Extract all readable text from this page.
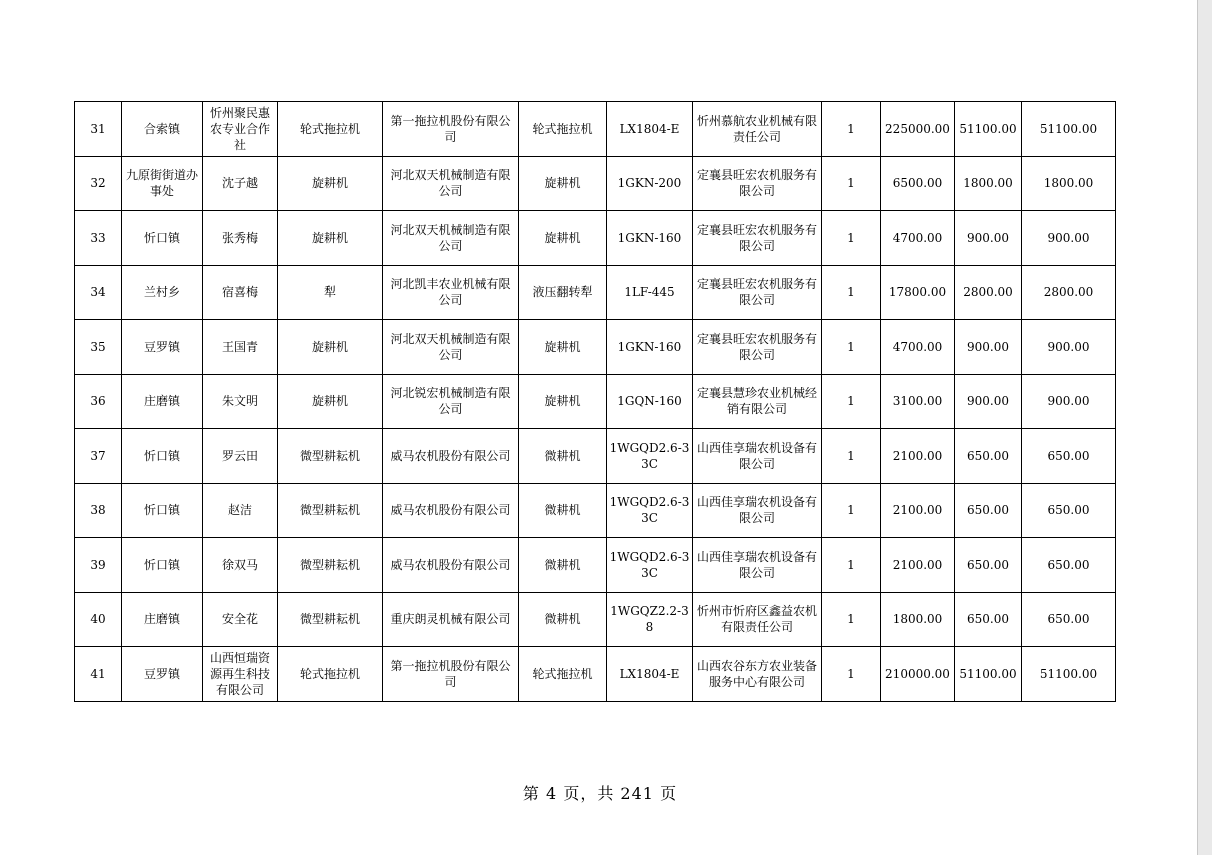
31	合索镇	忻州聚民惠农专业合作社	轮式拖拉机	第一拖拉机股份有限公司	轮式拖拉机	LX1804-E	忻州慕航农业机械有限责任公司	1	225000.00	51100.00	51100.00
32	九原街街道办事处	沈子越	旋耕机	河北双天机械制造有限公司	旋耕机	1GKN-200	定襄县旺宏农机服务有限公司	1	6500.00	1800.00	1800.00
33	忻口镇	张秀梅	旋耕机	河北双天机械制造有限公司	旋耕机	1GKN-160	定襄县旺宏农机服务有限公司	1	4700.00	900.00	900.00
34	兰村乡	宿喜梅	犁	河北凯丰农业机械有限公司	液压翻转犁	1LF-445	定襄县旺宏农机服务有限公司	1	17800.00	2800.00	2800.00
35	豆罗镇	王国青	旋耕机	河北双天机械制造有限公司	旋耕机	1GKN-160	定襄县旺宏农机服务有限公司	1	4700.00	900.00	900.00
36	庄磨镇	朱文明	旋耕机	河北锐宏机械制造有限公司	旋耕机	1GQN-160	定襄县慧珍农业机械经销有限公司	1	3100.00	900.00	900.00
37	忻口镇	罗云田	微型耕耘机	威马农机股份有限公司	微耕机	1WGQD2.6-33C	山西佳享瑞农机设备有限公司	1	2100.00	650.00	650.00
38	忻口镇	赵洁	微型耕耘机	威马农机股份有限公司	微耕机	1WGQD2.6-33C	山西佳享瑞农机设备有限公司	1	2100.00	650.00	650.00
39	忻口镇	徐双马	微型耕耘机	威马农机股份有限公司	微耕机	1WGQD2.6-33C	山西佳享瑞农机设备有限公司	1	2100.00	650.00	650.00
40	庄磨镇	安全花	微型耕耘机	重庆朗灵机械有限公司	微耕机	1WGQZ2.2-38	忻州市忻府区鑫益农机有限责任公司	1	1800.00	650.00	650.00
41	豆罗镇	山西恒瑞资源再生科技有限公司	轮式拖拉机	第一拖拉机股份有限公司	轮式拖拉机	LX1804-E	山西农谷东方农业装备服务中心有限公司	1	210000.00	51100.00	51100.00
第 4 页，共 241 页
